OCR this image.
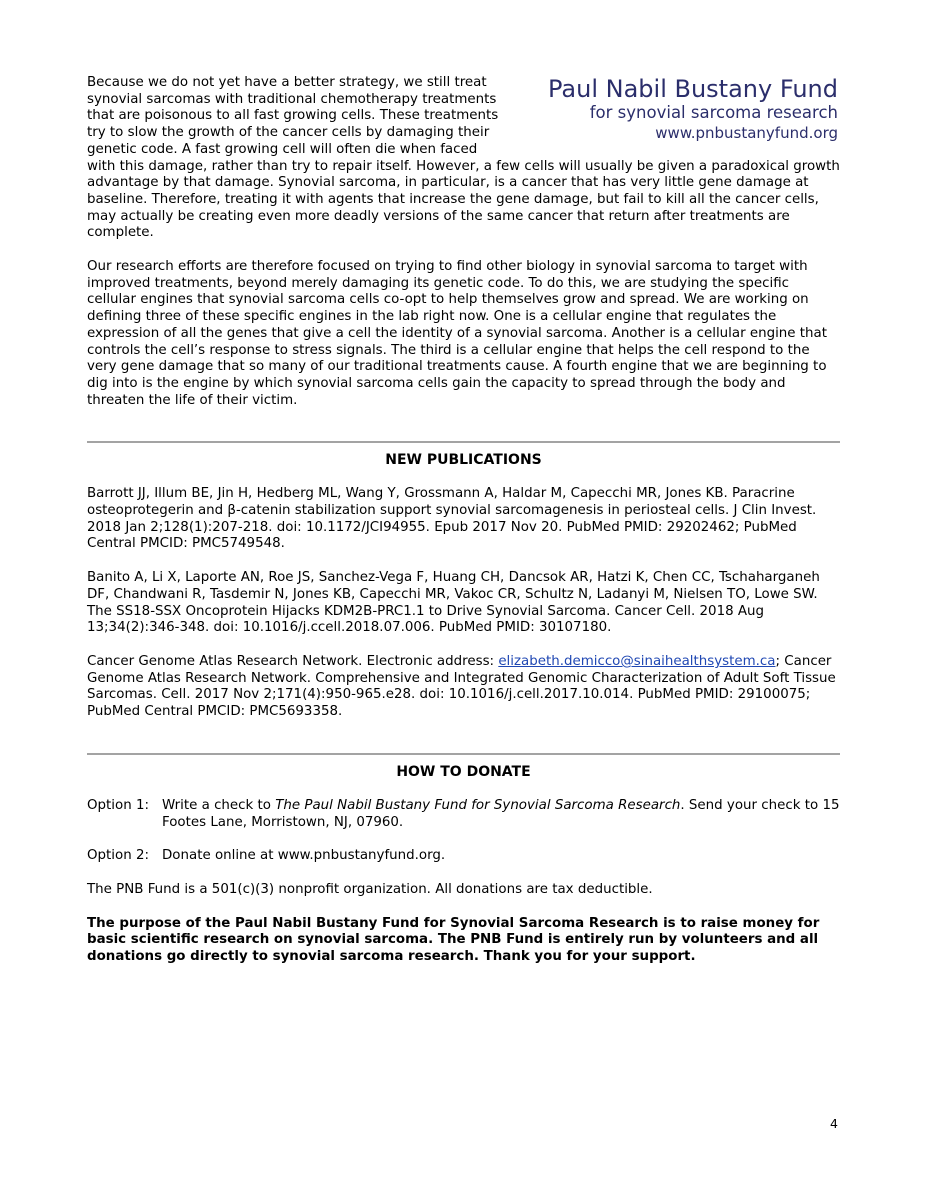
Paul Nabil Bustany Fund
for synovial sarcoma research
www.pnbustanyfund.org

Because we do not yet have a better strategy, we still treat synovial sarcomas with traditional chemotherapy treatments that are poisonous to all fast growing cells. These treatments try to slow the growth of the cancer cells by damaging their genetic code. A fast growing cell will often die when faced with this damage, rather than try to repair itself. However, a few cells will usually be given a paradoxical growth advantage by that damage. Synovial sarcoma, in particular, is a cancer that has very little gene damage at baseline. Therefore, treating it with agents that increase the gene damage, but fail to kill all the cancer cells, may actually be creating even more deadly versions of the same cancer that return after treatments are complete.

Our research efforts are therefore focused on trying to find other biology in synovial sarcoma to target with improved treatments, beyond merely damaging its genetic code. To do this, we are studying the specific cellular engines that synovial sarcoma cells co-opt to help themselves grow and spread. We are working on defining three of these specific engines in the lab right now. One is a cellular engine that regulates the expression of all the genes that give a cell the identity of a synovial sarcoma. Another is a cellular engine that controls the cell’s response to stress signals. The third is a cellular engine that helps the cell respond to the very gene damage that so many of our traditional treatments cause. A fourth engine that we are beginning to dig into is the engine by which synovial sarcoma cells gain the capacity to spread through the body and threaten the life of their victim.

NEW PUBLICATIONS

Barrott JJ, Illum BE, Jin H, Hedberg ML, Wang Y, Grossmann A, Haldar M, Capecchi MR, Jones KB. Paracrine osteoprotegerin and β-catenin stabilization support synovial sarcomagenesis in periosteal cells. J Clin Invest. 2018 Jan 2;128(1):207-218. doi: 10.1172/JCI94955. Epub 2017 Nov 20. PubMed PMID: 29202462; PubMed Central PMCID: PMC5749548.

Banito A, Li X, Laporte AN, Roe JS, Sanchez-Vega F, Huang CH, Dancsok AR, Hatzi K, Chen CC, Tschaharganeh DF, Chandwani R, Tasdemir N, Jones KB, Capecchi MR, Vakoc CR, Schultz N, Ladanyi M, Nielsen TO, Lowe SW. The SS18-SSX Oncoprotein Hijacks KDM2B-PRC1.1 to Drive Synovial Sarcoma. Cancer Cell. 2018 Aug 13;34(2):346-348. doi: 10.1016/j.ccell.2018.07.006. PubMed PMID: 30107180.

Cancer Genome Atlas Research Network. Electronic address: elizabeth.demicco@sinaihealthsystem.ca; Cancer Genome Atlas Research Network. Comprehensive and Integrated Genomic Characterization of Adult Soft Tissue Sarcomas. Cell. 2017 Nov 2;171(4):950-965.e28. doi: 10.1016/j.cell.2017.10.014. PubMed PMID: 29100075; PubMed Central PMCID: PMC5693358.

HOW TO DONATE

Option 1: Write a check to The Paul Nabil Bustany Fund for Synovial Sarcoma Research. Send your check to 15 Footes Lane, Morristown, NJ, 07960.
Option 2: Donate online at www.pnbustanyfund.org.

The PNB Fund is a 501(c)(3) nonprofit organization. All donations are tax deductible.

The purpose of the Paul Nabil Bustany Fund for Synovial Sarcoma Research is to raise money for basic scientific research on synovial sarcoma. The PNB Fund is entirely run by volunteers and all donations go directly to synovial sarcoma research. Thank you for your support.

4
